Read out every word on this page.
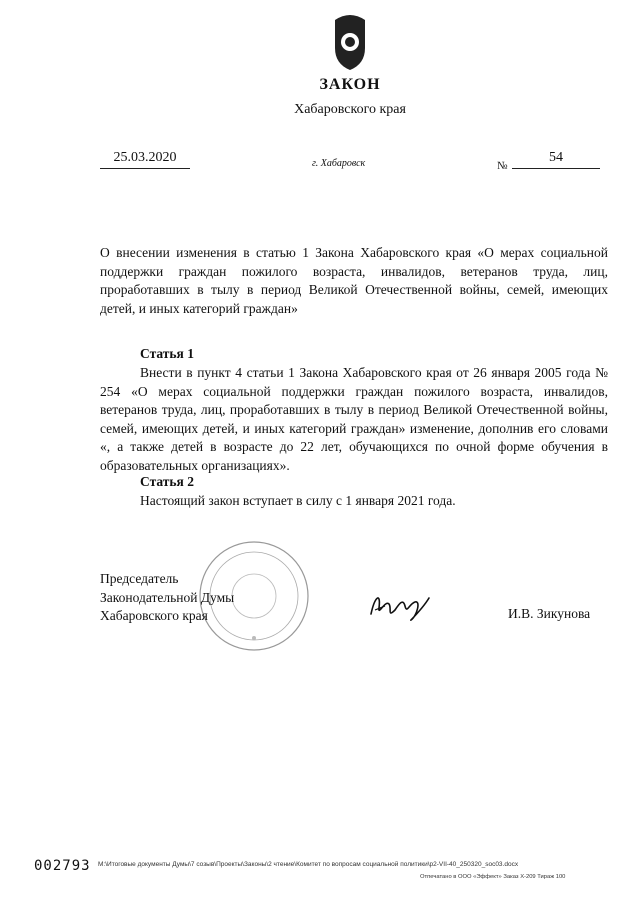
ЗАКОН
Хабаровского края
25.03.2020	г. Хабаровск	№
54
О внесении изменения в статью 1 Закона Хабаровского края «О мерах социальной поддержки граждан пожилого возраста, инвалидов, ветеранов труда, лиц, проработавших в тылу в период Великой Отечественной войны, семей, имеющих детей, и иных категорий граждан»
Статья 1
Внести в пункт 4 статьи 1 Закона Хабаровского края от 26 января 2005 года № 254 «О мерах социальной поддержки граждан пожилого возраста, инвалидов, ветеранов труда, лиц, проработавших в тылу в период Великой Отечественной войны, семей, имеющих детей, и иных категорий граждан» изменение, дополнив его словами «, а также детей в возрасте до 22 лет, обучающихся по очной форме обучения в образовательных организациях».
Статья 2
Настоящий закон вступает в силу с 1 января 2021 года.
Председатель
Законодательной Думы
Хабаровского края	И.В. Зикунова
002793 M:\Итоговые документы Думы\7 созыв\Проекты\Законы\2 чтение\Комитет по вопросам социальной политики\р2-VII-40_250320_soc03.docx
Отпечатано в ООО «Эффект» Заказ Х-209 Тираж 100
